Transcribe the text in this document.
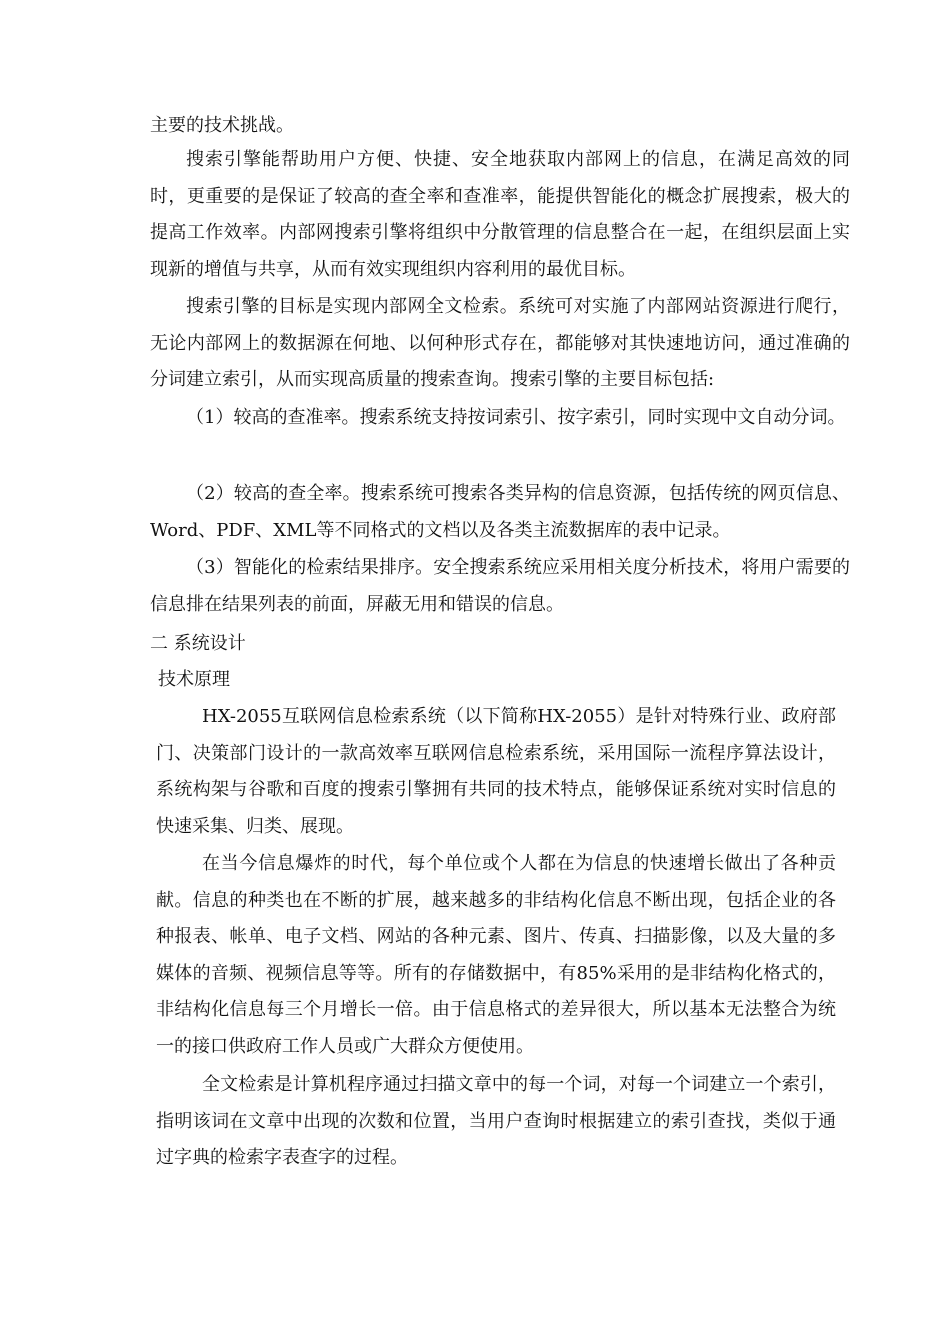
主要的技术挑战。
搜索引擎能帮助用户方便、快捷、安全地获取内部网上的信息，在满足高效的同时，更重要的是保证了较高的查全率和查准率，能提供智能化的概念扩展搜索，极大的提高工作效率。内部网搜索引擎将组织中分散管理的信息整合在一起，在组织层面上实现新的增值与共享，从而有效实现组织内容利用的最优目标。
搜索引擎的目标是实现内部网全文检索。系统可对实施了内部网站资源进行爬行，无论内部网上的数据源在何地、以何种形式存在，都能够对其快速地访问，通过准确的分词建立索引，从而实现高质量的搜索查询。搜索引擎的主要目标包括:
（1）较高的查准率。搜索系统支持按词索引、按字索引，同时实现中文自动分词。
（2）较高的查全率。搜索系统可搜索各类异构的信息资源，包括传统的网页信息、Word、PDF、XML等不同格式的文档以及各类主流数据库的表中记录。
（3）智能化的检索结果排序。安全搜索系统应采用相关度分析技术，将用户需要的信息排在结果列表的前面，屏蔽无用和错误的信息。
二 系统设计
技术原理
HX-2055互联网信息检索系统（以下简称HX-2055）是针对特殊行业、政府部门、决策部门设计的一款高效率互联网信息检索系统，采用国际一流程序算法设计，系统构架与谷歌和百度的搜索引擎拥有共同的技术特点，能够保证系统对实时信息的快速采集、归类、展现。
在当今信息爆炸的时代，每个单位或个人都在为信息的快速增长做出了各种贡献。信息的种类也在不断的扩展，越来越多的非结构化信息不断出现，包括企业的各种报表、帐单、电子文档、网站的各种元素、图片、传真、扫描影像，以及大量的多媒体的音频、视频信息等等。所有的存储数据中，有85%采用的是非结构化格式的，非结构化信息每三个月增长一倍。由于信息格式的差异很大，所以基本无法整合为统一的接口供政府工作人员或广大群众方便使用。
全文检索是计算机程序通过扫描文章中的每一个词，对每一个词建立一个索引，指明该词在文章中出现的次数和位置，当用户查询时根据建立的索引查找，类似于通过字典的检索字表查字的过程。
